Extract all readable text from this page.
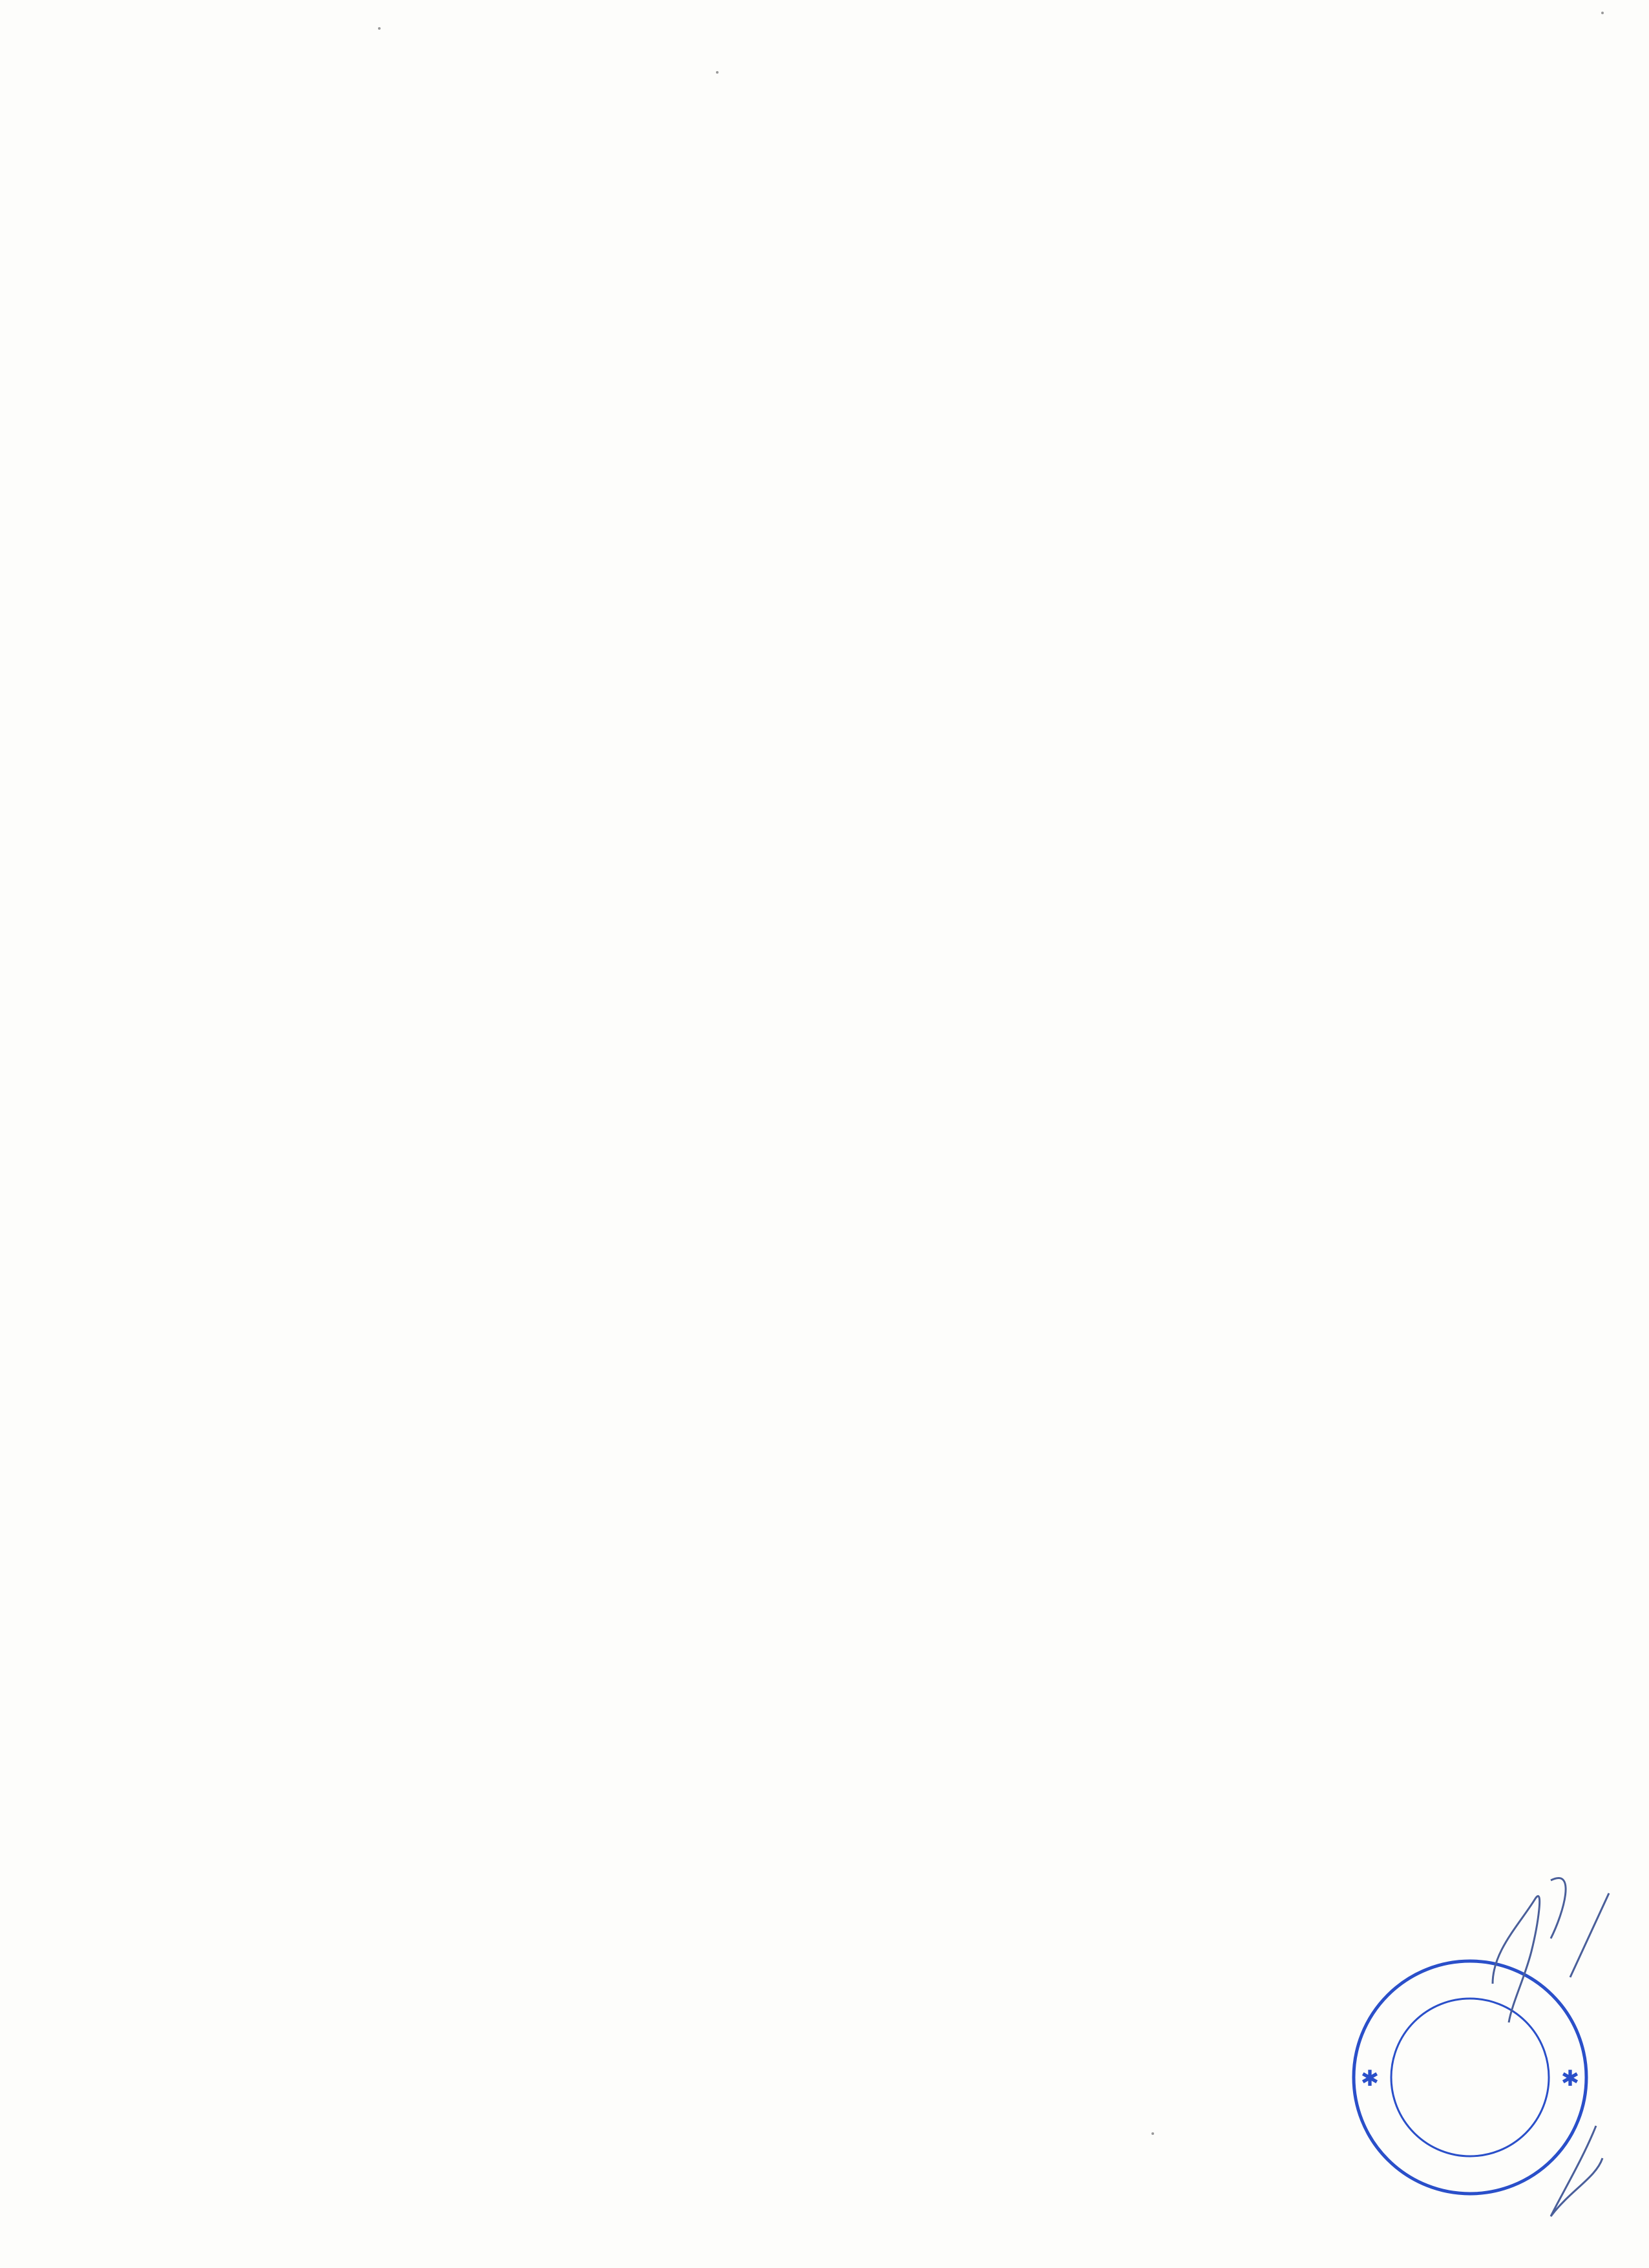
✱	✱
